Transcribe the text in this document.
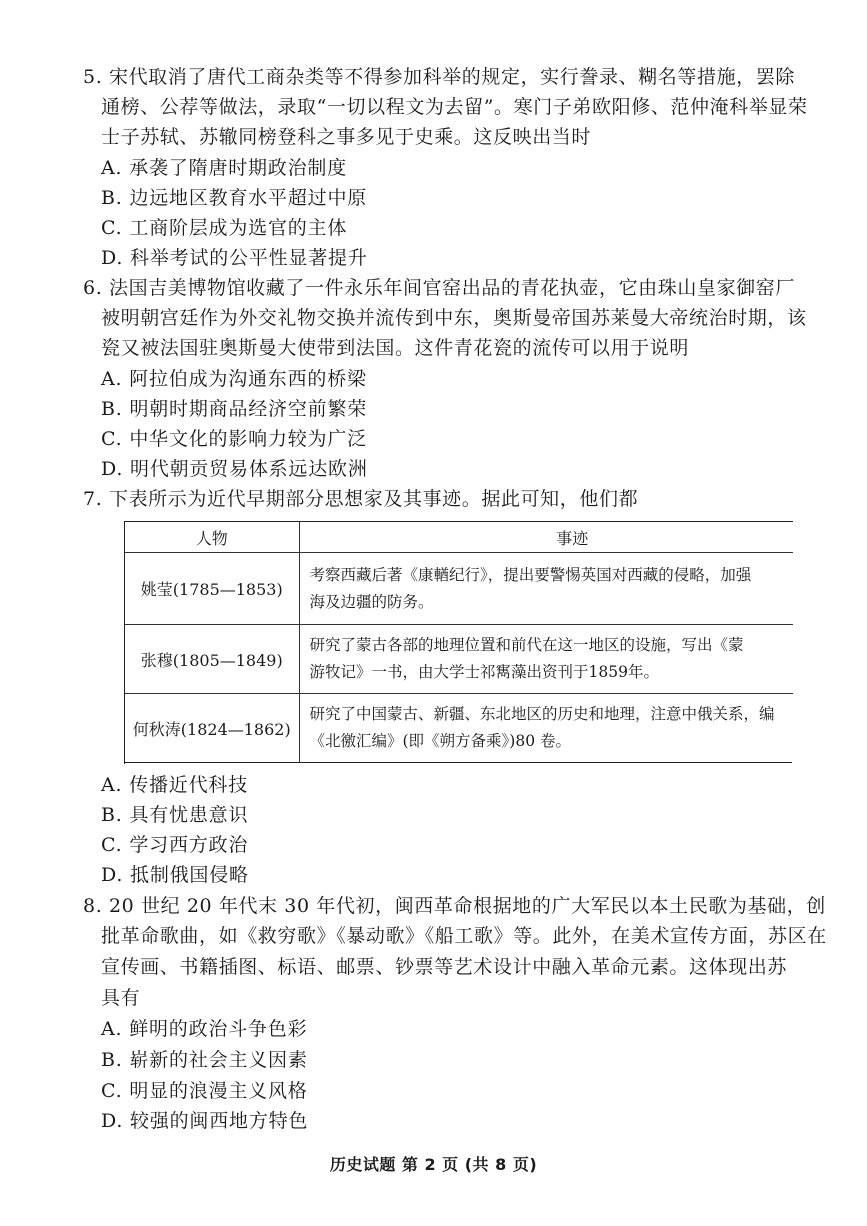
5. 宋代取消了唐代工商杂类等不得参加科举的规定，实行誊录、糊名等措施，罢除
通榜、公荐等做法，录取“一切以程文为去留”。寒门子弟欧阳修、范仲淹科举显荣
士子苏轼、苏辙同榜登科之事多见于史乘。这反映出当时
A. 承袭了隋唐时期政治制度
B. 边远地区教育水平超过中原
C. 工商阶层成为选官的主体
D. 科举考试的公平性显著提升
6. 法国吉美博物馆收藏了一件永乐年间官窑出品的青花执壶，它由珠山皇家御窑厂
被明朝宫廷作为外交礼物交换并流传到中东，奥斯曼帝国苏莱曼大帝统治时期，该
瓷又被法国驻奥斯曼大使带到法国。这件青花瓷的流传可以用于说明
A. 阿拉伯成为沟通东西的桥梁
B. 明朝时期商品经济空前繁荣
C. 中华文化的影响力较为广泛
D. 明代朝贡贸易体系远达欧洲
7. 下表所示为近代早期部分思想家及其事迹。据此可知，他们都
人物	事迹
姚莹(1785—1853)	考察西藏后著《康輶纪行》，提出要警惕英国对西藏的侵略，加强
海及边疆的防务。

张穆(1805—1849)	研究了蒙古各部的地理位置和前代在这一地区的设施，写出《蒙
游牧记》一书，由大学士祁寯藻出资刊于1859年。

何秋涛(1824—1862)	研究了中国蒙古、新疆、东北地区的历史和地理，注意中俄关系，编
《北徼汇编》(即《朔方备乘》)80 卷。
A. 传播近代科技
B. 具有忧患意识
C. 学习西方政治
D. 抵制俄国侵略
8. 20 世纪 20 年代末 30 年代初，闽西革命根据地的广大军民以本土民歌为基础，创
批革命歌曲，如《救穷歌》《暴动歌》《船工歌》等。此外，在美术宣传方面，苏区在
宣传画、书籍插图、标语、邮票、钞票等艺术设计中融入革命元素。这体现出苏
具有
A. 鲜明的政治斗争色彩
B. 崭新的社会主义因素
C. 明显的浪漫主义风格
D. 较强的闽西地方特色
历史试题 第 2 页 (共 8 页)
